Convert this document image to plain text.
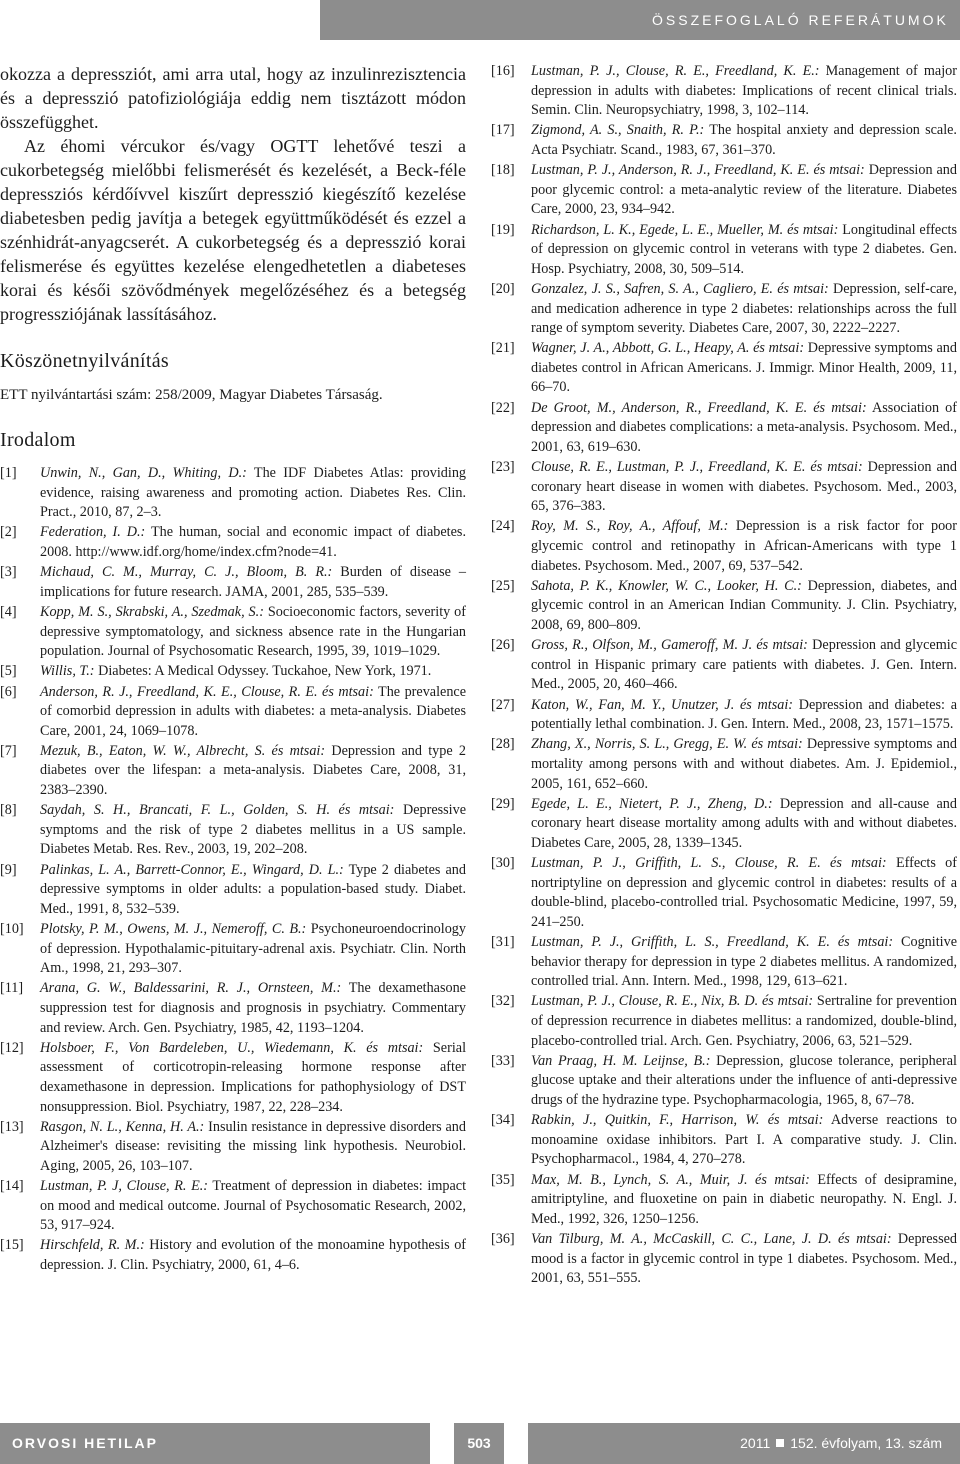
ÖSSZEFOGLALÓ REFERÁTUMOK

okozza a depressziót, ami arra utal, hogy az inzulinrezisztencia és a depresszió patofiziológiája eddig nem tisztázott módon összefügghet.

Az éhomi vércukor és/vagy OGTT lehetővé teszi a cukorbetegség mielőbbi felismerését és kezelését, a Beck-féle depressziós kérdőívvel kiszűrt depresszió kiegészítő kezelése diabetesben pedig javítja a betegek együttműködését és ezzel a szénhidrát-anyagcserét. A cukorbetegség és a depresszió korai felismerése és együttes kezelése elengedhetetlen a diabeteses korai és késői szövődmények megelőzéséhez és a betegség progressziójának lassításához.

Köszönetnyilvánítás

ETT nyilvántartási szám: 258/2009, Magyar Diabetes Társaság.

Irodalom
[1]	Unwin, N., Gan, D., Whiting, D.: The IDF Diabetes Atlas: providing evidence, raising awareness and promoting action. Diabetes Res. Clin. Pract., 2010, 87, 2–3.
[2]	Federation, I. D.: The human, social and economic impact of diabetes. 2008. http://www.idf.org/home/index.cfm?node=41.
[3]	Michaud, C. M., Murray, C. J., Bloom, B. R.: Burden of disease – implications for future research. JAMA, 2001, 285, 535–539.
[4]	Kopp, M. S., Skrabski, A., Szedmak, S.: Socioeconomic factors, severity of depressive symptomatology, and sickness absence rate in the Hungarian population. Journal of Psychosomatic Research, 1995, 39, 1019–1029.
[5]	Willis, T.: Diabetes: A Medical Odyssey. Tuckahoe, New York, 1971.
[6]	Anderson, R. J., Freedland, K. E., Clouse, R. E. és mtsai: The prevalence of comorbid depression in adults with diabetes: a meta-analysis. Diabetes Care, 2001, 24, 1069–1078.
[7]	Mezuk, B., Eaton, W. W., Albrecht, S. és mtsai: Depression and type 2 diabetes over the lifespan: a meta-analysis. Diabetes Care, 2008, 31, 2383–2390.
[8]	Saydah, S. H., Brancati, F. L., Golden, S. H. és mtsai: Depressive symptoms and the risk of type 2 diabetes mellitus in a US sample. Diabetes Metab. Res. Rev., 2003, 19, 202–208.
[9]	Palinkas, L. A., Barrett-Connor, E., Wingard, D. L.: Type 2 diabetes and depressive symptoms in older adults: a population-based study. Diabet. Med., 1991, 8, 532–539.
[10]	Plotsky, P. M., Owens, M. J., Nemeroff, C. B.: Psychoneuroendocrinology of depression. Hypothalamic-pituitary-adrenal axis. Psychiatr. Clin. North Am., 1998, 21, 293–307.
[11]	Arana, G. W., Baldessarini, R. J., Ornsteen, M.: The dexamethasone suppression test for diagnosis and prognosis in psychiatry. Commentary and review. Arch. Gen. Psychiatry, 1985, 42, 1193–1204.
[12]	Holsboer, F., Von Bardeleben, U., Wiedemann, K. és mtsai: Serial assessment of corticotropin-releasing hormone response after dexamethasone in depression. Implications for pathophysiology of DST nonsuppression. Biol. Psychiatry, 1987, 22, 228–234.
[13]	Rasgon, N. L., Kenna, H. A.: Insulin resistance in depressive disorders and Alzheimer's disease: revisiting the missing link hypothesis. Neurobiol. Aging, 2005, 26, 103–107.
[14]	Lustman, P. J, Clouse, R. E.: Treatment of depression in diabetes: impact on mood and medical outcome. Journal of Psychosomatic Research, 2002, 53, 917–924.
[15]	Hirschfeld, R. M.: History and evolution of the monoamine hypothesis of depression. J. Clin. Psychiatry, 2000, 61, 4–6.
[16]	Lustman, P. J., Clouse, R. E., Freedland, K. E.: Management of major depression in adults with diabetes: Implications of recent clinical trials. Semin. Clin. Neuropsychiatry, 1998, 3, 102–114.
[17]	Zigmond, A. S., Snaith, R. P.: The hospital anxiety and depression scale. Acta Psychiatr. Scand., 1983, 67, 361–370.
[18]	Lustman, P. J., Anderson, R. J., Freedland, K. E. és mtsai: Depression and poor glycemic control: a meta-analytic review of the literature. Diabetes Care, 2000, 23, 934–942.
[19]	Richardson, L. K., Egede, L. E., Mueller, M. és mtsai: Longitudinal effects of depression on glycemic control in veterans with type 2 diabetes. Gen. Hosp. Psychiatry, 2008, 30, 509–514.
[20]	Gonzalez, J. S., Safren, S. A., Cagliero, E. és mtsai: Depression, self-care, and medication adherence in type 2 diabetes: relationships across the full range of symptom severity. Diabetes Care, 2007, 30, 2222–2227.
[21]	Wagner, J. A., Abbott, G. L., Heapy, A. és mtsai: Depressive symptoms and diabetes control in African Americans. J. Immigr. Minor Health, 2009, 11, 66–70.
[22]	De Groot, M., Anderson, R., Freedland, K. E. és mtsai: Association of depression and diabetes complications: a meta-analysis. Psychosom. Med., 2001, 63, 619–630.
[23]	Clouse, R. E., Lustman, P. J., Freedland, K. E. és mtsai: Depression and coronary heart disease in women with diabetes. Psychosom. Med., 2003, 65, 376–383.
[24]	Roy, M. S., Roy, A., Affouf, M.: Depression is a risk factor for poor glycemic control and retinopathy in African-Americans with type 1 diabetes. Psychosom. Med., 2007, 69, 537–542.
[25]	Sahota, P. K., Knowler, W. C., Looker, H. C.: Depression, diabetes, and glycemic control in an American Indian Community. J. Clin. Psychiatry, 2008, 69, 800–809.
[26]	Gross, R., Olfson, M., Gameroff, M. J. és mtsai: Depression and glycemic control in Hispanic primary care patients with diabetes. J. Gen. Intern. Med., 2005, 20, 460–466.
[27]	Katon, W., Fan, M. Y., Unutzer, J. és mtsai: Depression and diabetes: a potentially lethal combination. J. Gen. Intern. Med., 2008, 23, 1571–1575.
[28]	Zhang, X., Norris, S. L., Gregg, E. W. és mtsai: Depressive symptoms and mortality among persons with and without diabetes. Am. J. Epidemiol., 2005, 161, 652–660.
[29]	Egede, L. E., Nietert, P. J., Zheng, D.: Depression and all-cause and coronary heart disease mortality among adults with and without diabetes. Diabetes Care, 2005, 28, 1339–1345.
[30]	Lustman, P. J., Griffith, L. S., Clouse, R. E. és mtsai: Effects of nortriptyline on depression and glycemic control in diabetes: results of a double-blind, placebo-controlled trial. Psychosomatic Medicine, 1997, 59, 241–250.
[31]	Lustman, P. J., Griffith, L. S., Freedland, K. E. és mtsai: Cognitive behavior therapy for depression in type 2 diabetes mellitus. A randomized, controlled trial. Ann. Intern. Med., 1998, 129, 613–621.
[32]	Lustman, P. J., Clouse, R. E., Nix, B. D. és mtsai: Sertraline for prevention of depression recurrence in diabetes mellitus: a randomized, double-blind, placebo-controlled trial. Arch. Gen. Psychiatry, 2006, 63, 521–529.
[33]	Van Praag, H. M. Leijnse, B.: Depression, glucose tolerance, peripheral glucose uptake and their alterations under the influence of anti-depressive drugs of the hydrazine type. Psychopharmacologia, 1965, 8, 67–78.
[34]	Rabkin, J., Quitkin, F., Harrison, W. és mtsai: Adverse reactions to monoamine oxidase inhibitors. Part I. A comparative study. J. Clin. Psychopharmacol., 1984, 4, 270–278.
[35]	Max, M. B., Lynch, S. A., Muir, J. és mtsai: Effects of desipramine, amitriptyline, and fluoxetine on pain in diabetic neuropathy. N. Engl. J. Med., 1992, 326, 1250–1256.
[36]	Van Tilburg, M. A., McCaskill, C. C., Lane, J. D. és mtsai: Depressed mood is a factor in glycemic control in type 1 diabetes. Psychosom. Med., 2001, 63, 551–555.
ORVOSI HETILAP	503	2011 152. évfolyam, 13. szám
